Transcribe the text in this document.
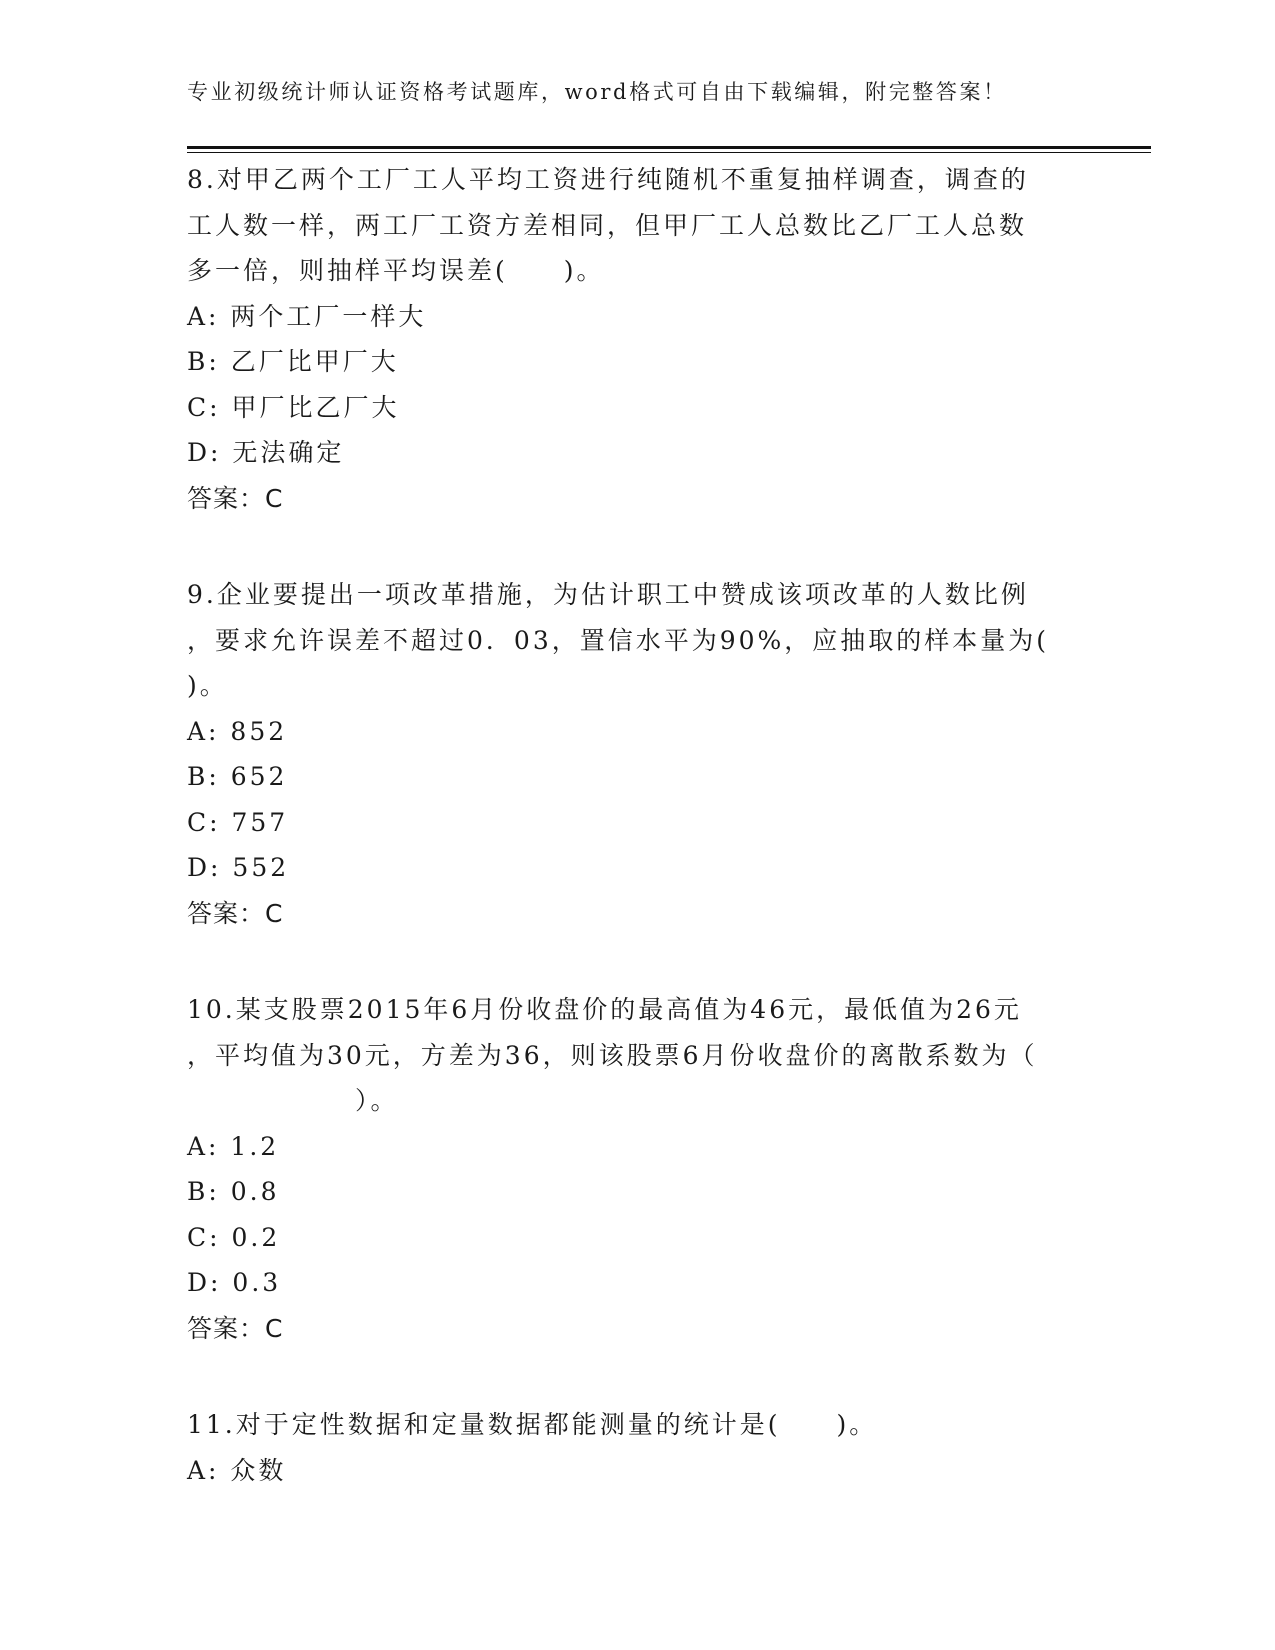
专业初级统计师认证资格考试题库，word格式可自由下载编辑，附完整答案！
8.对甲乙两个工厂工人平均工资进行纯随机不重复抽样调查，调查的
工人数一样，两工厂工资方差相同，但甲厂工人总数比乙厂工人总数
多一倍，则抽样平均误差(　　)。
A: 两个工厂一样大
B: 乙厂比甲厂大
C: 甲厂比乙厂大
D: 无法确定
答案：C
9.企业要提出一项改革措施，为估计职工中赞成该项改革的人数比例
，要求允许误差不超过0．03，置信水平为90%，应抽取的样本量为(
)。
A: 852
B: 652
C: 757
D: 552
答案：C
10.某支股票2015年6月份收盘价的最高值为46元，最低值为26元
，平均值为30元，方差为36，则该股票6月份收盘价的离散系数为（
　　　　　　）。
A: 1.2
B: 0.8
C: 0.2
D: 0.3
答案：C
11.对于定性数据和定量数据都能测量的统计是(　　)。
A: 众数
